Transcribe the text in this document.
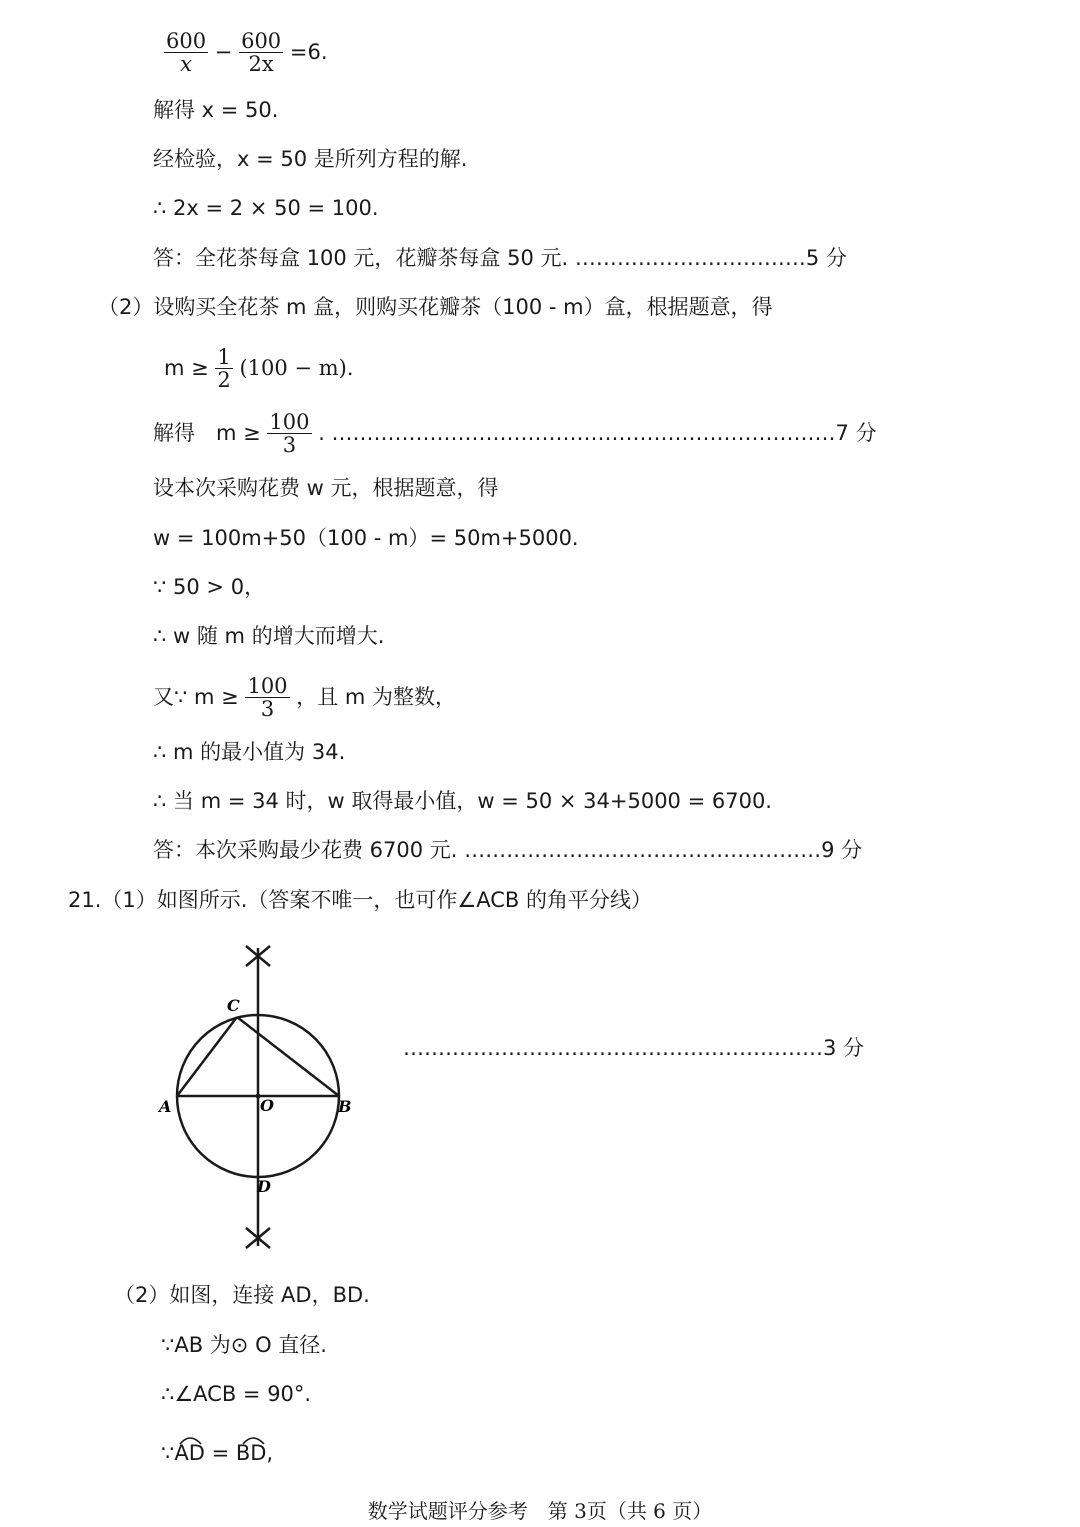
$\frac{600}{x} - \frac{600}{2x} =6$.
解得 x = 50.
经检验，x = 50 是所列方程的解.
∴ 2x = 2 × 50 = 100.
答：全花茶每盒 100 元，花瓣茶每盒 50 元. ……………………………5 分
（2）设购买全花茶 m 盒，则购买花瓣茶（100 - m）盒，根据题意，得
$m \ge \frac{1}{2} (100 - m)$.
解得　$m \ge \frac{100}{3}$ . ………………………………………………………………7 分
设本次采购花费 w 元，根据题意，得
w = 100m+50（100 - m）= 50m+5000.
∵ 50 > 0，
∴ w 随 m 的增大而增大.
又∵ $m \ge \frac{100}{3}$ ，且 m 为整数，
∴ m 的最小值为 34.
∴ 当 m = 34 时，w 取得最小值，w = 50 × 34+5000 = 6700.
答：本次采购最少花费 6700 元. ……………………………………………9 分
21.（1）如图所示.（答案不唯一，也可作∠ACB 的角平分线）
C
A	O	B
D
……………………………………………………3 分
（2）如图，连接 AD，BD.
∵AB 为⊙ O 直径.
∴∠ACB = 90°.
∵AD = BD,
数学试题评分参考　第 3页（共 6 页）
